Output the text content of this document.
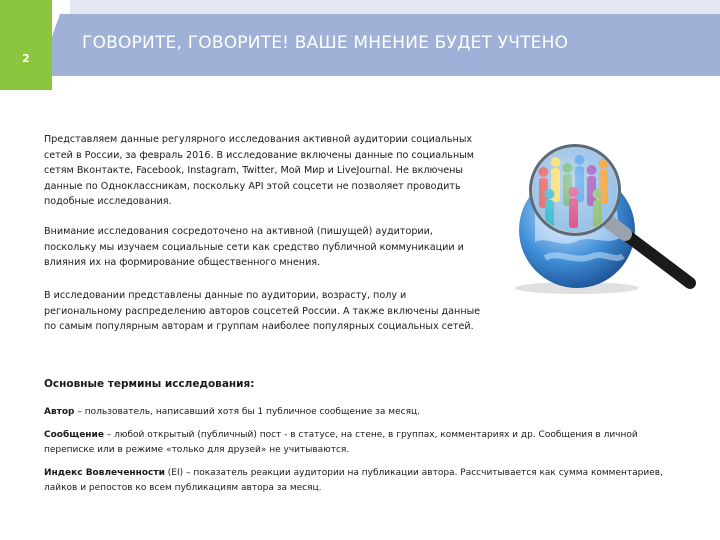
2
ГОВОРИТЕ, ГОВОРИТЕ! ВАШЕ МНЕНИЕ БУДЕТ УЧТЕНО

Представляем данные регулярного исследования активной аудитории социальных сетей в России, за февраль 2016. В исследование включены данные по социальным сетям Вконтакте, Facebook, Instagram, Twitter, Мой Мир и LiveJournal. Не включены данные по Одноклассникам, поскольку API этой соцсети не позволяет проводить подобные исследования.

Внимание исследования сосредоточено на активной (пишущей) аудитории, поскольку мы изучаем социальные сети как средство публичной коммуникации и влияния их на формирование общественного мнения.

В исследовании представлены данные по аудитории, возрасту, полу и региональному распределению авторов соцсетей России. А также включены данные по самым популярным авторам и группам наиболее популярных социальных сетей.

Основные термины исследования:

Автор – пользователь, написавший хотя бы 1 публичное сообщение за месяц.

Сообщение – любой открытый (публичный) пост - в статусе, на стене, в группах, комментариях и др. Сообщения в личной переписке или в режиме «только для друзей» не учитываются.

Индекс Вовлеченности (EI) – показатель реакции аудитории на публикации автора. Рассчитывается как сумма комментариев, лайков и репостов ко всем публикациям автора за месяц.
